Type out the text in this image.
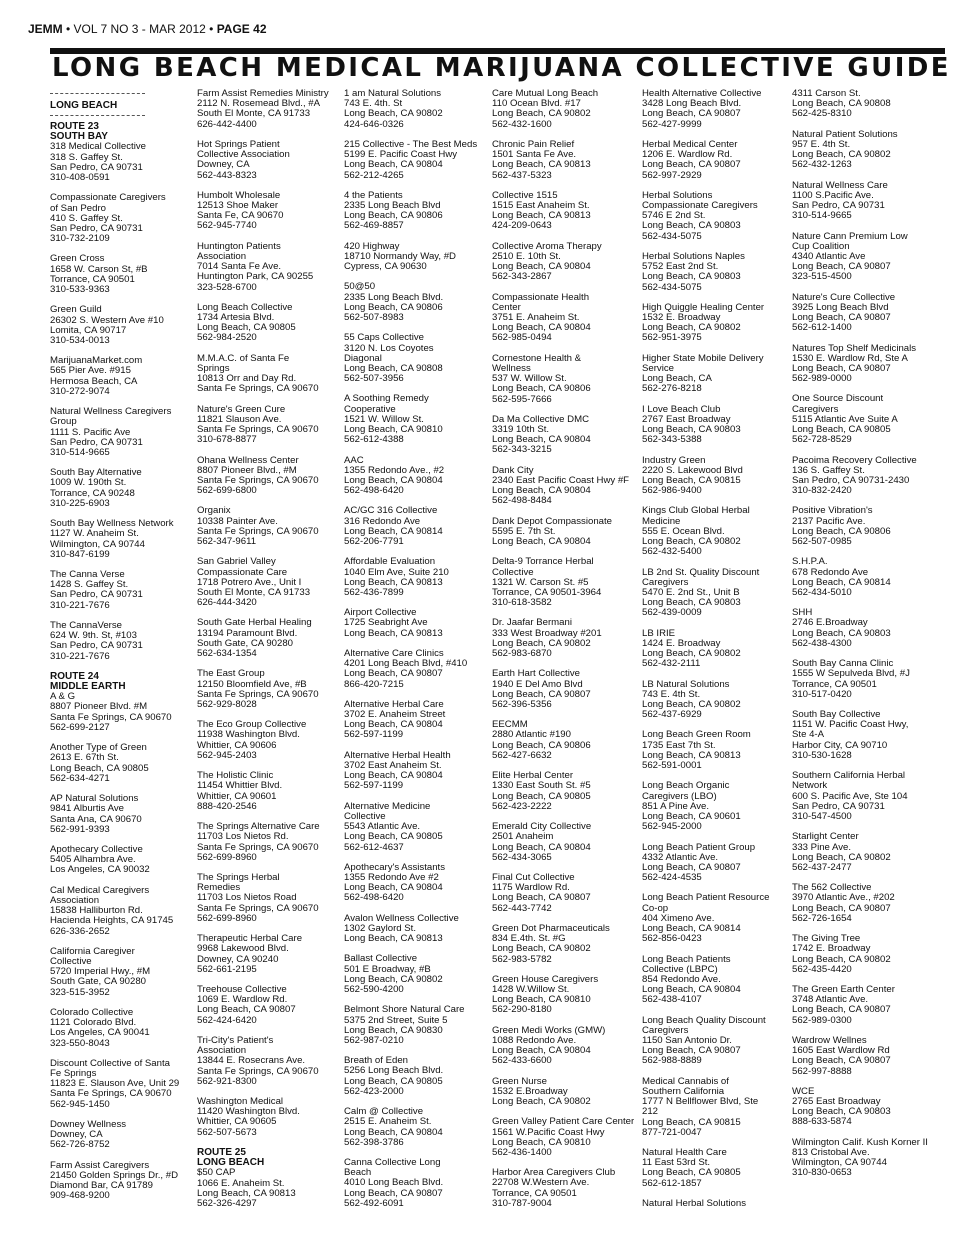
JEMM • VOL 7 NO 3 - MAR 2012 • PAGE 42
LONG BEACH MEDICAL MARIJUANA COLLECTIVE GUIDE
LONG BEACH
ROUTE 23
SOUTH BAY
318 Medical Collective
318 S. Gaffey St.
San Pedro, CA 90731
310-408-0591
Compassionate Caregivers
of San Pedro
410 S. Gaffey St.
San Pedro, CA 90731
310-732-2109
Green Cross
1658 W. Carson St, #B
Torrance, CA 90501
310-533-9363
Green Guild
26302 S. Western Ave #10
Lomita, CA 90717
310-534-0013
MarijuanaMarket.com
565 Pier Ave. #915
Hermosa Beach, CA
310-272-9074
Natural Wellness Caregivers
Group
1111 S. Pacific Ave
San Pedro, CA 90731
310-514-9665
South Bay Alternative
1009 W. 190th St.
Torrance, CA 90248
310-225-6903
South Bay Wellness Network
1127 W. Anaheim St.
Wilmington, CA 90744
310-847-6199
The Canna Verse
1428 S. Gaffey St.
San Pedro, CA 90731
310-221-7676
The CannaVerse
624 W. 9th. St, #103
San Pedro, CA 90731
310-221-7676
ROUTE 24
MIDDLE EARTH
A & G
8807 Pioneer Blvd. #M
Santa Fe Springs, CA 90670
562-699-2127
Another Type of Green
2613 E. 67th St.
Long Beach, CA 90805
562-634-4271
AP Natural Solutions
9841 Alburtis Ave
Santa Ana, CA 90670
562-991-9393
Apothecary Collective
5405 Alhambra Ave.
Los Angeles, CA 90032
Cal Medical Caregivers
Association
15838 Halliburton Rd.
Hacienda Heights, CA 91745
626-336-2652
California Caregiver
Collective
5720 Imperial Hwy., #M
South Gate, CA 90280
323-515-3952
Colorado Collective
1121 Colorado Blvd.
Los Angeles, CA 90041
323-550-8043
Discount Collective of Santa
Fe Springs
11823 E. Slauson Ave, Unit 29
Santa Fe Springs, CA 90670
562-945-1450
Downey Wellness
Downey, CA
562-726-8752
Farm Assist Caregivers
21450 Golden Springs Dr., #D
Diamond Bar, CA 91789
909-468-9200
Farm Assist Remedies Ministry
2112 N. Rosemead Blvd., #A
South El Monte, CA 91733
626-442-4400
Hot Springs Patient
Collective Association
Downey, CA
562-443-8323
Humbolt Wholesale
12513 Shoe Maker
Santa Fe, CA 90670
562-945-7740
Huntington Patients
Association
7014 Santa Fe Ave.
Huntington Park, CA 90255
323-528-6700
Long Beach Collective
1734 Artesia Blvd.
Long Beach, CA 90805
562-984-2520
M.M.A.C. of Santa Fe
Springs
10813 Orr and Day Rd.
Santa Fe Springs, CA 90670
Nature's Green Cure
11821 Slauson Ave.
Santa Fe Springs, CA 90670
310-678-8877
Ohana Wellness Center
8807 Pioneer Blvd., #M
Santa Fe Springs, CA 90670
562-699-6800
Organix
10338 Painter Ave.
Santa Fe Springs, CA 90670
562-347-9611
San Gabriel Valley
Compassionate Care
1718 Potrero Ave., Unit I
South El Monte, CA 91733
626-444-3420
South Gate Herbal Healing
13194 Paramount Blvd.
South Gate, CA 90280
562-634-1354
The East Group
12150 Bloomfield Ave, #B
Santa Fe Springs, CA 90670
562-929-8028
The Eco Group Collective
11938 Washington Blvd.
Whittier, CA 90606
562-945-2403
The Holistic Clinic
11454 Whittier Blvd.
Whittier, CA 90601
888-420-2546
The Springs Alternative Care
11703 Los Nietos Rd.
Santa Fe Springs, CA 90670
562-699-8960
The Springs Herbal
Remedies
11703 Los Nietos Road
Santa Fe Springs, CA 90670
562-699-8960
Therapeutic Herbal Care
9968 Lakewood Blvd.
Downey, CA 90240
562-661-2195
Treehouse Collective
1069 E. Wardlow Rd.
Long Beach, CA 90807
562-424-6420
Tri-City's Patient's
Association
13844 E. Rosecrans Ave.
Santa Fe Springs, CA 90670
562-921-8300
Washington Medical
11420 Washington Blvd.
Whittier, CA 90605
562-507-5673
ROUTE 25
LONG BEACH
$50 CAP
1066 E. Anaheim St.
Long Beach, CA 90813
562-326-4297
1 am Natural Solutions
743 E. 4th. St
Long Beach, CA 90802
424-646-0326
215 Collective - The Best Meds
5199 E. Pacific Coast Hwy
Long Beach, CA 90804
562-212-4265
4 the Patients
2335 Long Beach Blvd
Long Beach, CA 90806
562-469-8857
420 Highway
18710 Normandy Way, #D
Cypress, CA 90630
50@50
2335 Long Beach Blvd.
Long Beach, CA 90806
562-507-8983
55 Caps Collective
3120 N. Los Coyotes
Diagonal
Long Beach, CA 90808
562-507-3956
A Soothing Remedy
Cooperative
1521 W. Willow St.
Long Beach, CA 90810
562-612-4388
AAC
1355 Redondo Ave., #2
Long Beach, CA 90804
562-498-6420
AC/GC 316 Collective
316 Redondo Ave
Long Beach, CA 90814
562-206-7791
Affordable Evaluation
1040 Elm Ave, Suite 210
Long Beach, CA 90813
562-436-7899
Airport Collective
1725 Seabright Ave
Long Beach, CA 90813
Alternative Care Clinics
4201 Long Beach Blvd, #410
Long Beach, CA 90807
866-420-7215
Alternative Herbal Care
3702 E. Anaheim Street
Long Beach, CA 90804
562-597-1199
Alternative Herbal Health
3702 East Anaheim St.
Long Beach, CA 90804
562-597-1199
Alternative Medicine
Collective
5543 Atlantic Ave.
Long Beach, CA 90805
562-612-4637
Apothecary's Assistants
1355 Redondo Ave #2
Long Beach, CA 90804
562-498-6420
Avalon Wellness Collective
1302 Gaylord St.
Long Beach, CA 90813
Ballast Collective
501 E Broadway, #B
Long Beach, CA 90802
562-590-4200
Belmont Shore Natural Care
5375 2nd Street, Suite 5
Long Beach, CA 90830
562-987-0210
Breath of Eden
5256 Long Beach Blvd.
Long Beach, CA 90805
562-423-2000
Calm @ Collective
2515 E. Anaheim St.
Long Beach, CA 90804
562-398-3786
Canna Collective Long
Beach
4010 Long Beach Blvd.
Long Beach, CA 90807
562-492-6091
Care Mutual Long Beach
110 Ocean Blvd. #17
Long Beach, CA 90802
562-432-1600
Chronic Pain Relief
1501 Santa Fe Ave.
Long Beach, CA 90813
562-437-5323
Collective 1515
1515 East Anaheim St.
Long Beach, CA 90813
424-209-0643
Collective Aroma Therapy
2510 E. 10th St.
Long Beach, CA 90804
562-343-2867
Compassionate Health
Center
3751 E. Anaheim St.
Long Beach, CA 90804
562-985-0494
Cornestone Health &
Wellness
537 W. Willow St.
Long Beach, CA 90806
562-595-7666
Da Ma Collective DMC
3319 10th St.
Long Beach, CA 90804
562-343-3215
Dank City
2340 East Pacific Coast Hwy #F
Long Beach, CA 90804
562-498-8484
Dank Depot Compassionate
5595 E. 7th St.
Long Beach, CA 90804
Delta-9 Torrance Herbal
Collective
1321 W. Carson St. #5
Torrance, CA 90501-3964
310-618-3582
Dr. Jaafar Bermani
333 West Broadway #201
Long Beach, CA 90802
562-983-6870
Earth Hart Collective
1940 E Del Amo Blvd
Long Beach, CA 90807
562-396-5356
EECMM
2880 Atlantic #190
Long Beach, CA 90806
562-427-6632
Elite Herbal Center
1330 East South St. #5
Long Beach, CA 90805
562-423-2222
Emerald City Collective
2501 Anaheim
Long Beach, CA 90804
562-434-3065
Final Cut Collective
1175 Wardlow Rd.
Long Beach, CA 90807
562-443-7742
Green Dot Pharmaceuticals
834 E.4th. St. #G
Long Beach, CA 90802
562-983-5782
Green House Caregivers
1428 W.Willow St.
Long Beach, CA 90810
562-290-8180
Green Medi Works (GMW)
1088 Redondo Ave.
Long Beach, CA 90804
562-433-6600
Green Nurse
1532 E.Broadway
Long Beach, CA 90802
Green Valley Patient Care Center
1561 W.Pacific Coast Hwy
Long Beach, CA 90810
562-436-1400
Harbor Area Caregivers Club
22708 W.Western Ave.
Torrance, CA 90501
310-787-9004
Health Alternative Collective
3428 Long Beach Blvd.
Long Beach, CA 90807
562-427-9999
Herbal Medical Center
1206 E. Wardlow Rd.
Long Beach, CA 90807
562-997-2929
Herbal Solutions
Compassionate Caregivers
5746 E 2nd St.
Long Beach, CA 90803
562-434-5075
Herbal Solutions Naples
5752 East 2nd St.
Long Beach, CA 90803
562-434-5075
High Quiggle Healing Center
1532 E. Broadway
Long Beach, CA 90802
562-951-3975
Higher State Mobile Delivery
Service
Long Beach, CA
562-276-8218
I Love Beach Club
2767 East Broadway
Long Beach, CA 90803
562-343-5388
Industry Green
2220 S. Lakewood Blvd
Long Beach, CA 90815
562-986-9400
Kings Club Global Herbal
Medicine
555 E. Ocean Blvd.
Long Beach, CA 90802
562-432-5400
LB 2nd St. Quality Discount
Caregivers
5470 E. 2nd St., Unit B
Long Beach, CA 90803
562-439-0009
LB IRIE
1424 E. Broadway
Long Beach, CA 90802
562-432-2111
LB Natural Solutions
743 E. 4th St.
Long Beach, CA 90802
562-437-6929
Long Beach Green Room
1735 East 7th St.
Long Beach, CA 90813
562-591-0001
Long Beach Organic
Caregivers (LBO)
851 A Pine Ave.
Long Beach, CA 90601
562-945-2000
Long Beach Patient Group
4332 Atlantic Ave.
Long Beach, CA 90807
562-424-4535
Long Beach Patient Resource
Co-op
404 Ximeno Ave.
Long Beach, CA 90814
562-856-0423
Long Beach Patients
Collective (LBPC)
854 Redondo Ave.
Long Beach, CA 90804
562-438-4107
Long Beach Quality Discount
Caregivers
1150 San Antonio Dr.
Long Beach, CA 90807
562-988-8889
Medical Cannabis of
Southern California
1777 N Bellflower Blvd, Ste
212
Long Beach, CA 90815
877-721-0047
Natural Health Care
11 East 53rd St.
Long Beach, CA 90805
562-612-1857
Natural Herbal Solutions
4311 Carson St.
Long Beach, CA 90808
562-425-8310
Natural Patient Solutions
957 E. 4th St.
Long Beach, CA 90802
562-432-1263
Natural Wellness Care
1100 S.Pacific Ave.
San Pedro, CA 90731
310-514-9665
Nature Cann Premium Low
Cup Coalition
4340 Atlantic Ave
Long Beach, CA 90807
323-515-4500
Nature's Cure Collective
3925 Long Beach Blvd
Long Beach, CA 90807
562-612-1400
Natures Top Shelf Medicinals
1530 E. Wardlow Rd, Ste A
Long Beach, CA 90807
562-989-0000
One Source Discount
Caregivers
5115 Atlantic Ave Suite A
Long Beach, CA 90805
562-728-8529
Pacoima Recovery Collective
136 S. Gaffey St.
San Pedro, CA 90731-2430
310-832-2420
Positive Vibration's
2137 Pacific Ave.
Long Beach, CA 90806
562-507-0985
S.H.P.A.
678 Redondo Ave
Long Beach, CA 90814
562-434-5010
SHH
2746 E.Broadway
Long Beach, CA 90803
562-438-4300
South Bay Canna Clinic
1555 W Sepulveda Blvd, #J
Torrance, CA 90501
310-517-0420
South Bay Collective
1151 W. Pacific Coast Hwy,
Ste 4-A
Harbor City, CA 90710
310-530-1628
Southern California Herbal
Network
600 S. Pacific Ave, Ste 104
San Pedro, CA 90731
310-547-4500
Starlight Center
333 Pine Ave.
Long Beach, CA 90802
562-437-2477
The 562 Collective
3970 Atlantic Ave., #202
Long Beach, CA 90807
562-726-1654
The Giving Tree
1742 E. Broadway
Long Beach, CA 90802
562-435-4420
The Green Earth Center
3748 Atlantic Ave.
Long Beach, CA 90807
562-989-0300
Wardrow Wellnes
1605 East Wardlow Rd
Long Beach, CA 90807
562-997-8888
WCE
2765 East Broadway
Long Beach, CA 90803
888-633-5874
Wilmington Calif. Kush Korner II
813 Cristobal Ave.
Wilmington, CA 90744
310-830-0653
